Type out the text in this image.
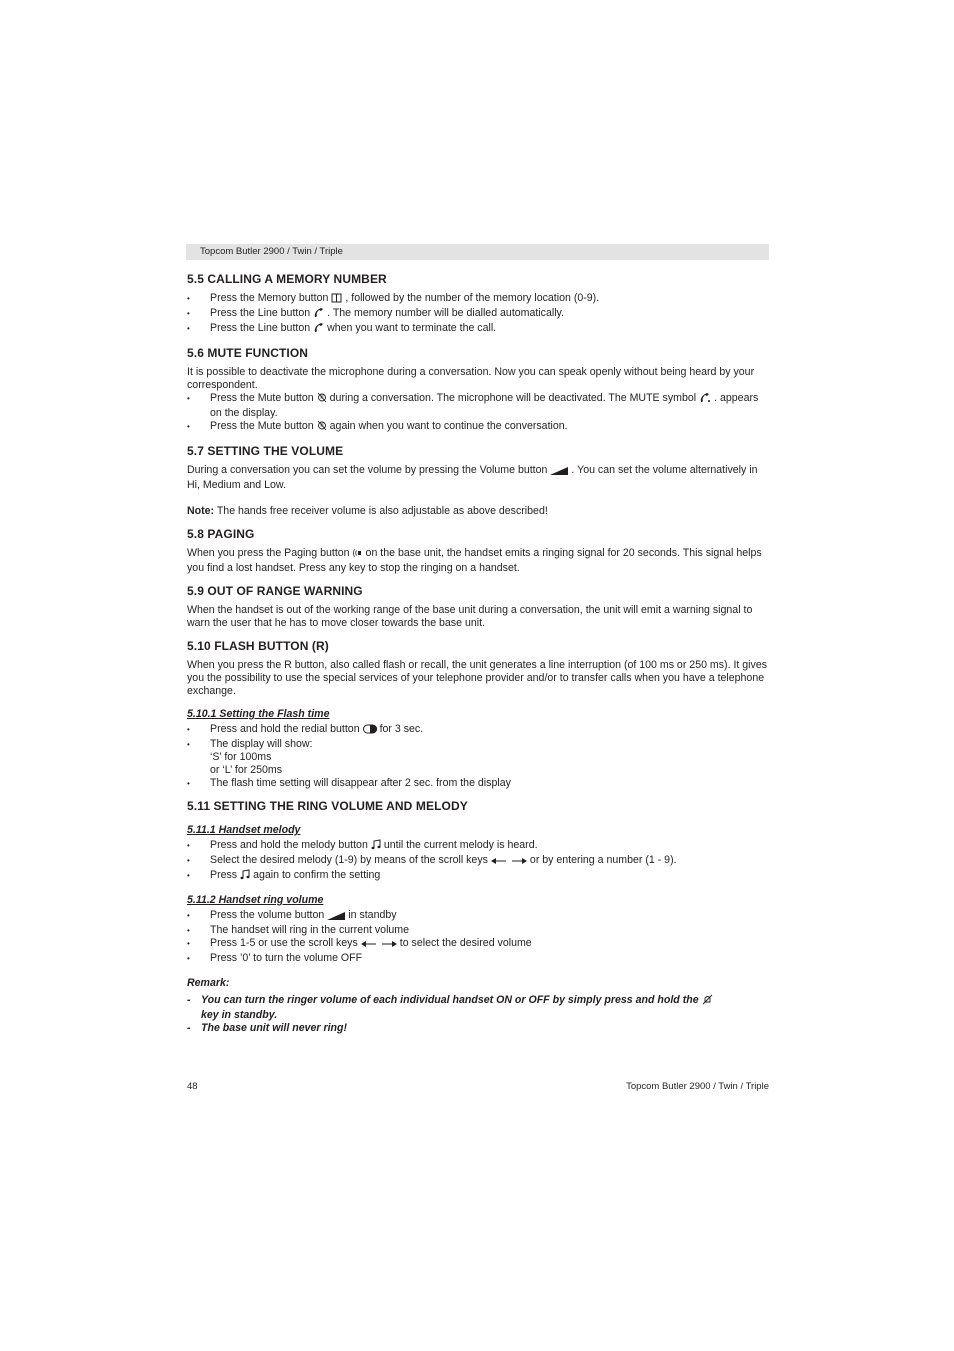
Topcom Butler 2900 / Twin / Triple
5.5 CALLING A MEMORY NUMBER
• Press the Memory button , followed by the number of the memory location (0-9).
• Press the Line button . The memory number will be dialled automatically.
• Press the Line button when you want to terminate the call.
5.6 MUTE FUNCTION

It is possible to deactivate the microphone during a conversation. Now you can speak openly without being heard by your correspondent.

• Press the Mute button during a conversation. The microphone will be deactivated. The MUTE symbol . appears on the display.
• Press the Mute button again when you want to continue the conversation.
5.7 SETTING THE VOLUME

During a conversation you can set the volume by pressing the Volume button . You can set the volume alternatively in Hi, Medium and Low.

Note: The hands free receiver volume is also adjustable as above described!

5.8 PAGING

When you press the Paging button on the base unit, the handset emits a ringing signal for 20 seconds. This signal helps you find a lost handset. Press any key to stop the ringing on a handset.

5.9 OUT OF RANGE WARNING

When the handset is out of the working range of the base unit during a conversation, the unit will emit a warning signal to warn the user that he has to move closer towards the base unit.

5.10 FLASH BUTTON (R)

When you press the R button, also called flash or recall, the unit generates a line interruption (of 100 ms or 250 ms). It gives you the possibility to use the special services of your telephone provider and/or to transfer calls when you have a telephone exchange.

5.10.1 Setting the Flash time
• Press and hold the redial button for 3 sec.
• The display will show:
‘S’ for 100ms
or ‘L’ for 250ms
• The flash time setting will disappear after 2 sec. from the display
5.11 SETTING THE RING VOLUME AND MELODY
5.11.1 Handset melody
• Press and hold the melody button until the current melody is heard.
• Select the desired melody (1-9) by means of the scroll keys	or by entering a number (1 - 9).
• Press again to confirm the setting
5.11.2 Handset ring volume
• Press the volume button in standby
• The handset will ring in the current volume
• Press 1-5 or use the scroll keys	to select the desired volume
• Press ’0’ to turn the volume OFF
Remark:
- You can turn the ringer volume of each individual handset ON or OFF by simply press and hold the
key in standby.
- The base unit will never ring!
48	Topcom Butler 2900 / Twin / Triple
